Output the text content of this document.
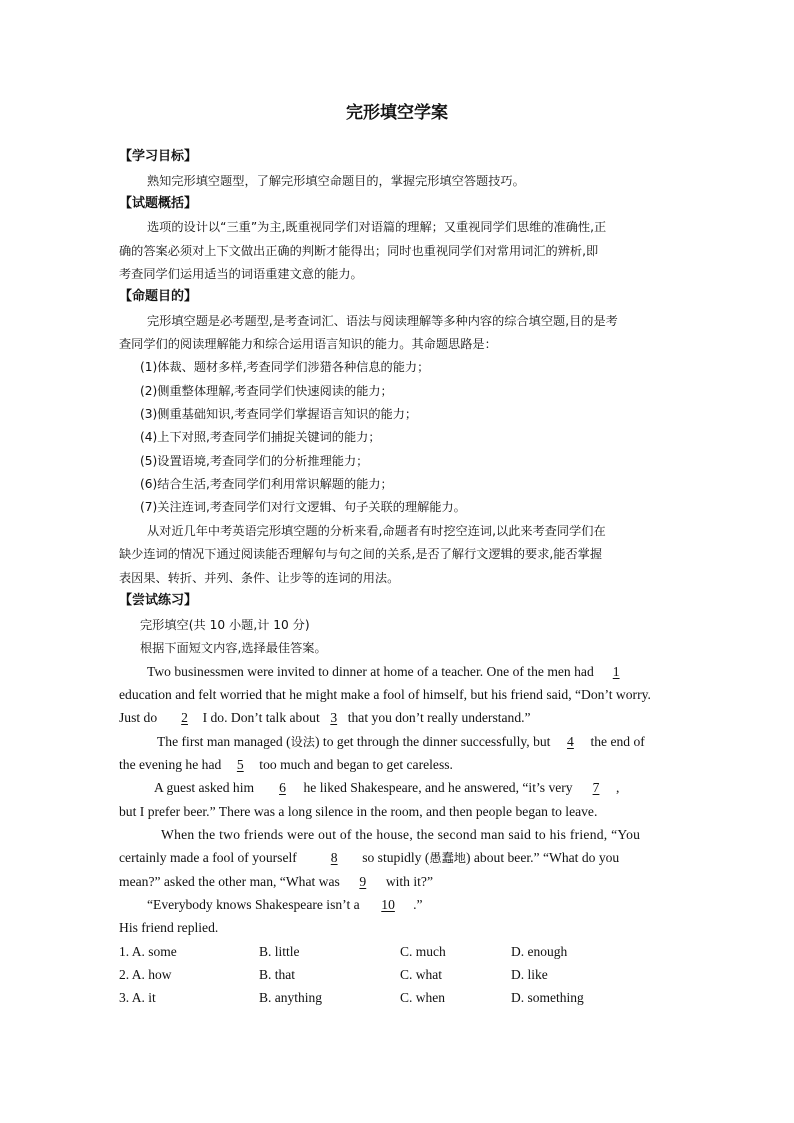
完形填空学案
【学习目标】
熟知完形填空题型，了解完形填空命题目的，掌握完形填空答题技巧。
【试题概括】
选项的设计以“三重”为主,既重视同学们对语篇的理解；又重视同学们思维的准确性,正
确的答案必须对上下文做出正确的判断才能得出；同时也重视同学们对常用词汇的辨析,即
考查同学们运用适当的词语重建文意的能力。
【命题目的】
完形填空题是必考题型,是考查词汇、语法与阅读理解等多种内容的综合填空题,目的是考
查同学们的阅读理解能力和综合运用语言知识的能力。其命题思路是：
(1)体裁、题材多样,考查同学们涉猎各种信息的能力；
(2)侧重整体理解,考查同学们快速阅读的能力；
(3)侧重基础知识,考查同学们掌握语言知识的能力；
(4)上下对照,考查同学们捕捉关键词的能力；
(5)设置语境,考查同学们的分析推理能力；
(6)结合生活,考查同学们利用常识解题的能力；
(7)关注连词,考查同学们对行文逻辑、句子关联的理解能力。
从对近几年中考英语完形填空题的分析来看,命题者有时挖空连词,以此来考查同学们在
缺少连词的情况下通过阅读能否理解句与句之间的关系,是否了解行文逻辑的要求,能否掌握
表因果、转折、并列、条件、让步等的连词的用法。
【尝试练习】
完形填空(共 10 小题,计 10 分)
根据下面短文内容,选择最佳答案。
Two businessmen were invited to dinner at home of a teacher. One of the men had 1
education and felt worried that he might make a fool of himself, but his friend said, “Don’t worry.
Just do 2 I do. Don’t talk about 3 that you don’t really understand.”
The first man managed (设法) to get through the dinner successfully, but 4 the end of
the evening he had 5 too much and began to get careless.
A guest asked him 6 he liked Shakespeare, and he answered, “it’s very 7 ,
but I prefer beer.” There was a long silence in the room, and then people began to leave.
When the two friends were out of the house, the second man said to his friend, “You
certainly made a fool of yourself	8 so stupidly (愚蠢地) about beer.” “What do you
mean?” asked the other man, “What was 9 with it?”
“Everybody knows Shakespeare isn’t a 10 .”
His friend replied.
1. A. some	B. little	C. much	D. enough
2. A. how	B. that	C. what	D. like
3. A. it	B. anything	C. when	D. something
